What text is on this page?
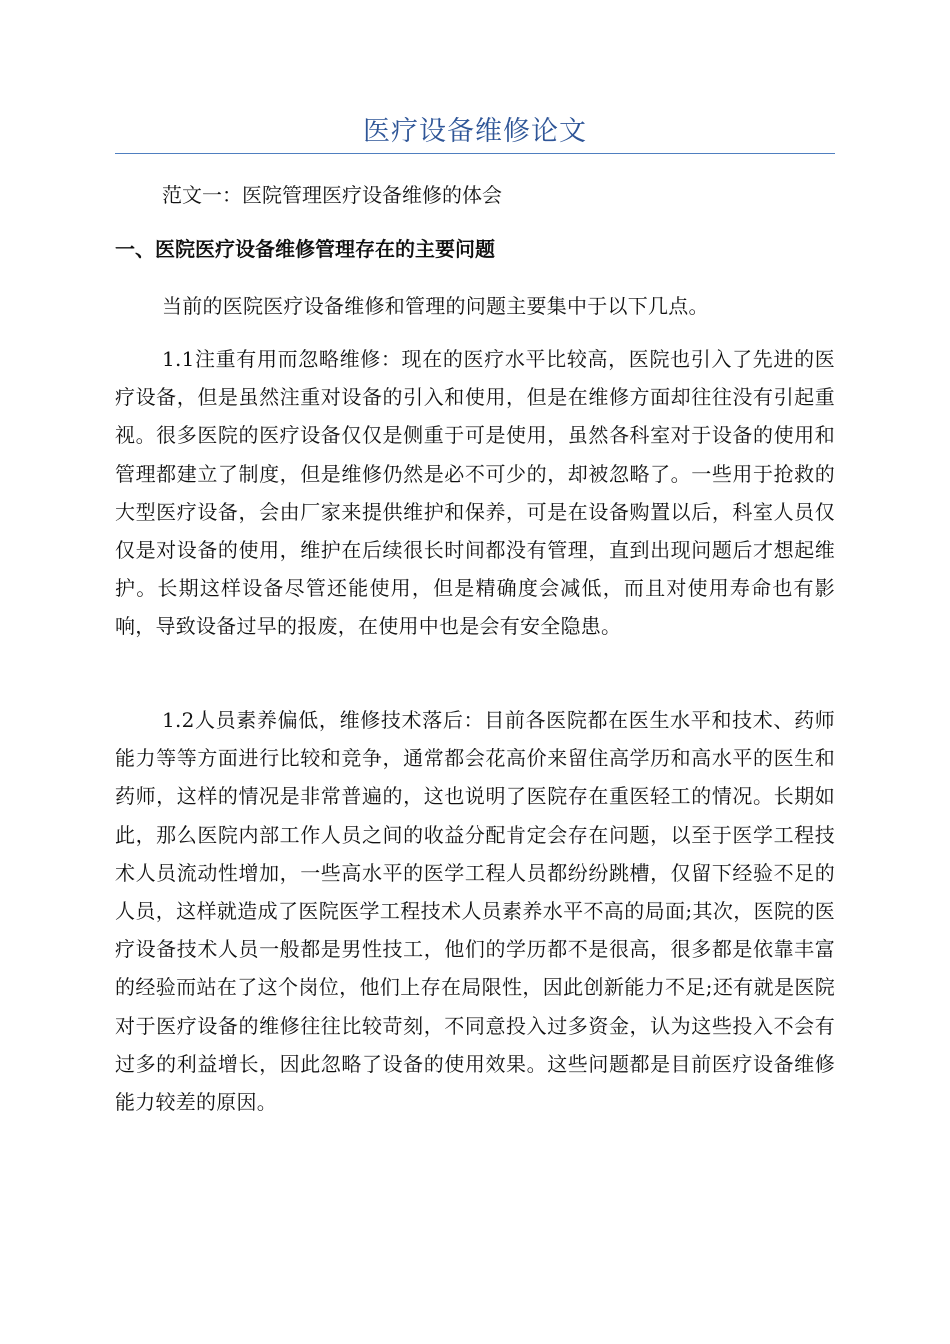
医疗设备维修论文
范文一：医院管理医疗设备维修的体会
一、医院医疗设备维修管理存在的主要问题

当前的医院医疗设备维修和管理的问题主要集中于以下几点。

1.1注重有用而忽略维修：现在的医疗水平比较高，医院也引入了先进的医疗设备，但是虽然注重对设备的引入和使用，但是在维修方面却往往没有引起重视。很多医院的医疗设备仅仅是侧重于可是使用，虽然各科室对于设备的使用和管理都建立了制度，但是维修仍然是必不可少的，却被忽略了。一些用于抢救的大型医疗设备，会由厂家来提供维护和保养，可是在设备购置以后，科室人员仅仅是对设备的使用，维护在后续很长时间都没有管理，直到出现问题后才想起维护。长期这样设备尽管还能使用，但是精确度会减低，而且对使用寿命也有影响，导致设备过早的报废，在使用中也是会有安全隐患。

1.2人员素养偏低，维修技术落后：目前各医院都在医生水平和技术、药师能力等等方面进行比较和竞争，通常都会花高价来留住高学历和高水平的医生和药师，这样的情况是非常普遍的，这也说明了医院存在重医轻工的情况。长期如此，那么医院内部工作人员之间的收益分配肯定会存在问题，以至于医学工程技术人员流动性增加，一些高水平的医学工程人员都纷纷跳槽，仅留下经验不足的人员，这样就造成了医院医学工程技术人员素养水平不高的局面;其次，医院的医疗设备技术人员一般都是男性技工，他们的学历都不是很高，很多都是依靠丰富的经验而站在了这个岗位，他们上存在局限性，因此创新能力不足;还有就是医院对于医疗设备的维修往往比较苛刻，不同意投入过多资金，认为这些投入不会有过多的利益增长，因此忽略了设备的使用效果。这些问题都是目前医疗设备维修能力较差的原因。
